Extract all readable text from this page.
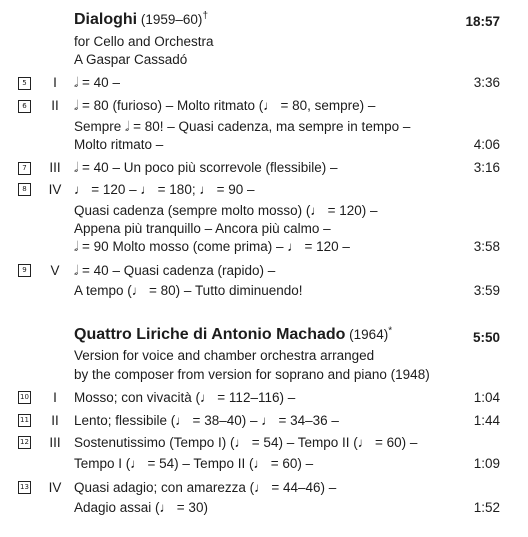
Dialoghi (1959–60)†	18:57
for Cello and Orchestra
A Gaspar Cassadó
5	I	𝅗𝅥 = 40 –	3:36
6	II	𝅗𝅥 = 80 (furioso) – Molto ritmato (♩ = 80, sempre) –
Sempre 𝅗𝅥 = 80! – Quasi cadenza, ma sempre in tempo –
Molto ritmato –	4:06
7	III 𝅗𝅥 = 40 – Un poco più scorrevole (flessibile) –	3:16
8	IV ♩ = 120 – ♩ = 180; ♩ = 90 –
Quasi cadenza (sempre molto mosso) (♩ = 120) –
Appena più tranquillo – Ancora più calmo –
𝅗𝅥 = 90 Molto mosso (come prima) – ♩ = 120 –	3:58
9	V	𝅗𝅥 = 40 – Quasi cadenza (rapido) –
A tempo (♩ = 80) – Tutto diminuendo!	3:59
Quattro Liriche di Antonio Machado (1964)*	5:50
Version for voice and chamber orchestra arranged
by the composer from version for soprano and piano (1948)
10	I	Mosso; con vivacità (♩ = 112–116) –	1:04
11	II	Lento; flessibile (♩ = 38–40) – ♩ = 34–36 –	1:44
12	III Sostenutissimo (Tempo I) (♩ = 54) – Tempo II (♩ = 60) –
Tempo I (♩ = 54) – Tempo II (♩ = 60) –	1:09
13	IV Quasi adagio; con amarezza (♩ = 44–46) –
Adagio assai (♩ = 30)	1:52
